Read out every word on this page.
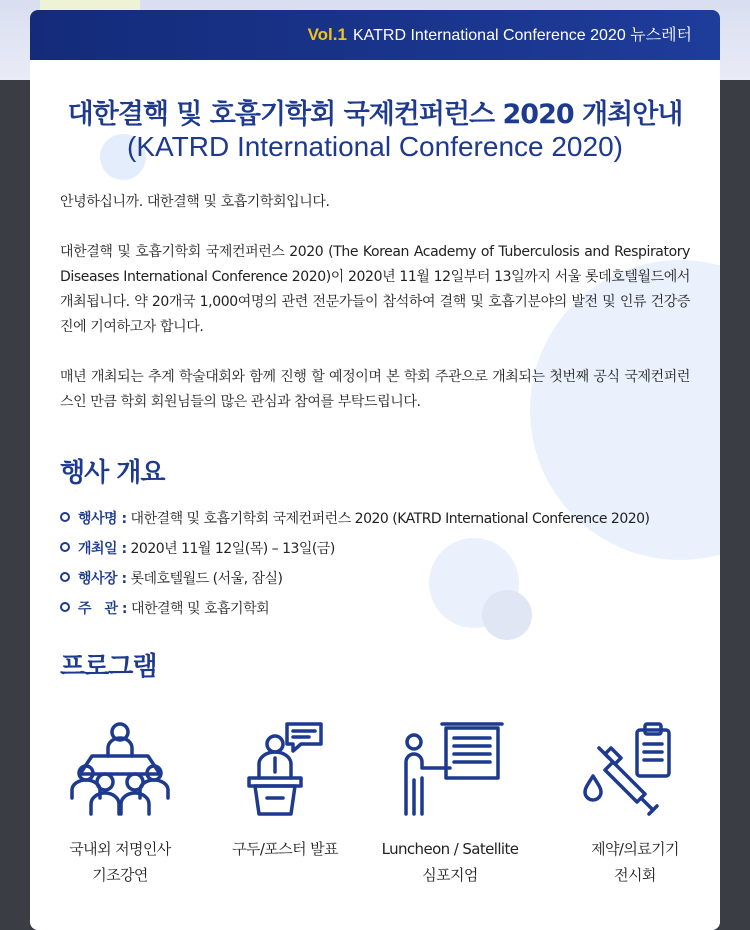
Vol.1 KATRD International Conference 2020 뉴스레터
대한결핵 및 호흡기학회 국제컨퍼런스 2020 개최안내
(KATRD International Conference 2020)

안녕하십니까. 대한결핵 및 호흡기학회입니다.

대한결핵 및 호흡기학회 국제컨퍼런스 2020 (The Korean Academy of Tuberculosis and Respiratory Diseases International Conference 2020)이 2020년 11월 12일부터 13일까지 서울 롯데호텔월드에서 개최됩니다. 약 20개국 1,000여명의 관련 전문가들이 참석하여 결핵 및 호흡기분야의 발전 및 인류 건강증진에 기여하고자 합니다.

매년 개최되는 추계 학술대회와 함께 진행 할 예정이며 본 학회 주관으로 개최되는 첫번째 공식 국제컨퍼런스인 만큼 학회 회원님들의 많은 관심과 참여를 부탁드립니다.

행사 개요
행사명 : 대한결핵 및 호흡기학회 국제컨퍼런스 2020 (KATRD International Conference 2020)
개최일 : 2020년 11월 12일(목) – 13일(금)
행사장 : 롯데호텔월드 (서울, 잠실)
주　관 : 대한결핵 및 호흡기학회
프로그램
국내외 저명인사
기조강연
구두/포스터 발표	Luncheon / Satellite
심포지엄
제약/의료기기
전시회
